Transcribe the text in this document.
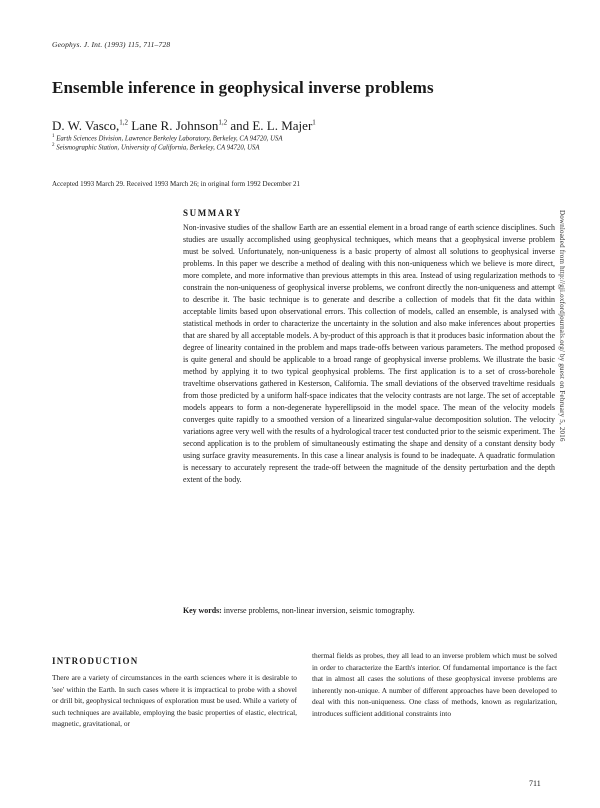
Geophys. J. Int. (1993) 115, 711–728
Ensemble inference in geophysical inverse problems
D. W. Vasco,$^{1,2}$ Lane R. Johnson$^{1,2}$ and E. L. Majer$^1$
$^1$ Earth Sciences Division, Lawrence Berkeley Laboratory, Berkeley, CA 94720, USA
$^2$ Seismographic Station, University of California, Berkeley, CA 94720, USA
Accepted 1993 March 29. Received 1993 March 26; in original form 1992 December 21
SUMMARY

Non-invasive studies of the shallow Earth are an essential element in a broad range of earth science disciplines. Such studies are usually accomplished using geophysical techniques, which means that a geophysical inverse problem must be solved. Unfortunately, non-uniqueness is a basic property of almost all solutions to geophysical inverse problems. In this paper we describe a method of dealing with this non-uniqueness which we believe is more direct, more complete, and more informative than previous attempts in this area. Instead of using regularization methods to constrain the non-uniqueness of geophysical inverse problems, we confront directly the non-uniqueness and attempt to describe it. The basic technique is to generate and describe a collection of models that fit the data within acceptable limits based upon observational errors. This collection of models, called an ensemble, is analysed with statistical methods in order to characterize the uncertainty in the solution and also make inferences about properties that are shared by all acceptable models. A by-product of this approach is that it produces basic information about the degree of linearity contained in the problem and maps trade-offs between various parameters. The method proposed is quite general and should be applicable to a broad range of geophysical inverse problems. We illustrate the basic method by applying it to two typical geophysical problems. The first application is to a set of cross-borehole traveltime observations gathered in Kesterson, California. The small deviations of the observed traveltime residuals from those predicted by a uniform half-space indicates that the velocity contrasts are not large. The set of acceptable models appears to form a non-degenerate hyperellipsoid in the model space. The mean of the velocity models converges quite rapidly to a smoothed version of a linearized singular-value decomposition solution. The velocity variations agree very well with the results of a hydrological tracer test conducted prior to the seismic experiment. The second application is to the problem of simultaneously estimating the shape and density of a constant density body using surface gravity measurements. In this case a linear analysis is found to be inadequate. A quadratic formulation is necessary to accurately represent the trade-off between the magnitude of the density perturbation and the depth extent of the body.

Key words: inverse problems, non-linear inversion, seismic tomography.
INTRODUCTION

There are a variety of circumstances in the earth sciences where it is desirable to 'see' within the Earth. In such cases where it is impractical to probe with a shovel or drill bit, geophysical techniques of exploration must be used. While a variety of such techniques are available, employing the basic properties of elastic, electrical, magnetic, gravitational, or

thermal fields as probes, they all lead to an inverse problem which must be solved in order to characterize the Earth's interior. Of fundamental importance is the fact that in almost all cases the solutions of these geophysical inverse problems are inherently non-unique. A number of different approaches have been developed to deal with this non-uniqueness. One class of methods, known as regularization, introduces sufficient additional constraints into

711
Downloaded from http://gji.oxfordjournals.org/ by guest on February 5, 2016
